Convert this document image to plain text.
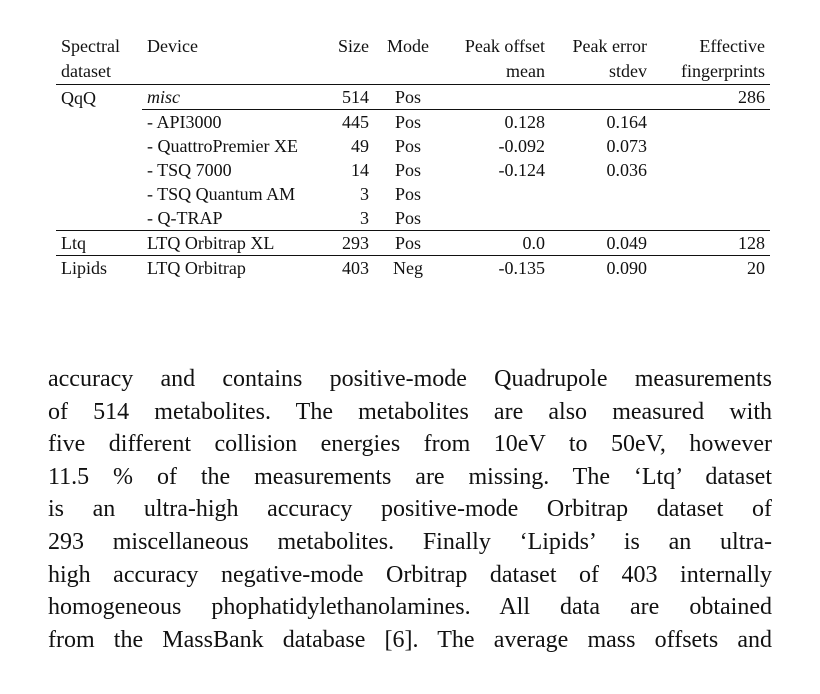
Spectral	Device	Size	Mode	Peak offset	Peak error	Effective
dataset				mean	stdev	fingerprints
QqQ	misc	514	Pos			286
	- API3000	445	Pos	0.128	0.164	
	- QuattroPremier XE	49	Pos	-0.092	0.073	
	- TSQ 7000	14	Pos	-0.124	0.036	
	- TSQ Quantum AM	3	Pos			
	- Q-TRAP	3	Pos			
Ltq	LTQ Orbitrap XL	293	Pos	0.0	0.049	128
Lipids	LTQ Orbitrap	403	Neg	-0.135	0.090	20

accuracy and contains positive-mode Quadrupole measurements

of 514 metabolites. The metabolites are also measured with

five different collision energies from 10eV to 50eV, however

11.5 % of the measurements are missing. The ‘Ltq’ dataset

is an ultra-high accuracy positive-mode Orbitrap dataset of

293 miscellaneous metabolites. Finally ‘Lipids’ is an ultra-

high accuracy negative-mode Orbitrap dataset of 403 internally

homogeneous phophatidylethanolamines. All data are obtained

from the MassBank database [6]. The average mass offsets and
